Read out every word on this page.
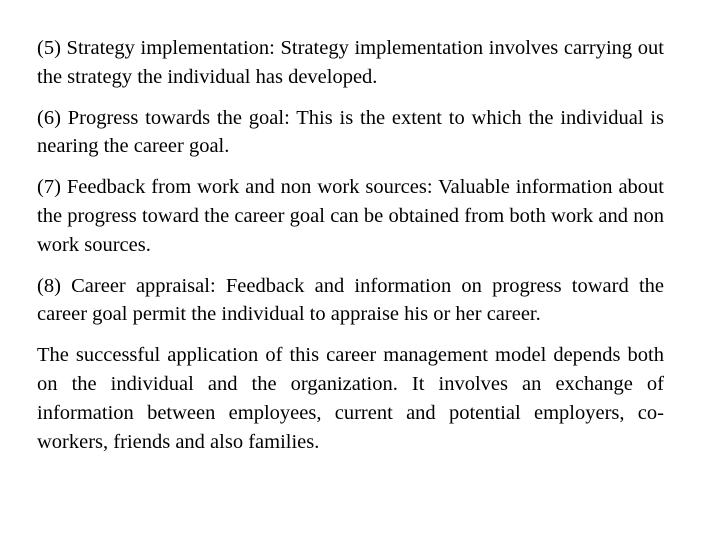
(5) Strategy implementation: Strategy implementation involves carrying out the strategy the individual has developed.

(6) Progress towards the goal: This is the extent to which the individual is nearing the career goal.

(7) Feedback from work and non work sources: Valuable information about the progress toward the career goal can be obtained from both work and non work sources.

(8) Career appraisal: Feedback and information on progress toward the career goal permit the individual to appraise his or her career.

The successful application of this career management model depends both on the individual and the organization. It involves an exchange of information between employees, current and potential employers, co-workers, friends and also families.
